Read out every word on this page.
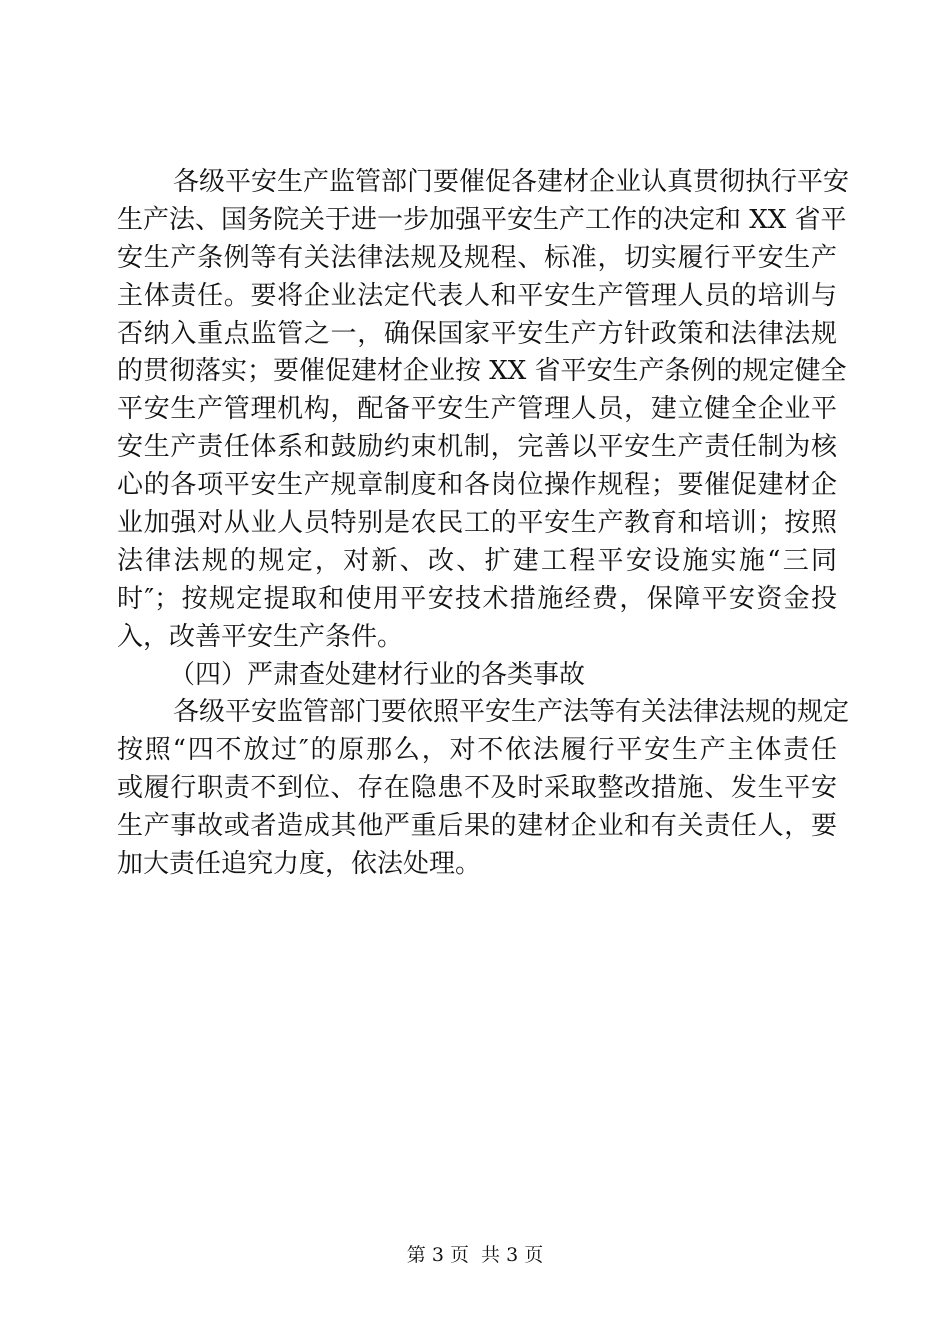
各级平安生产监管部门要催促各建材企业认真贯彻执行平安
生产法、国务院关于进一步加强平安生产工作的决定和 XX 省平
安生产条例等有关法律法规及规程、标准，切实履行平安生产
主体责任。要将企业法定代表人和平安生产管理人员的培训与
否纳入重点监管之一，确保国家平安生产方针政策和法律法规
的贯彻落实；要催促建材企业按 XX 省平安生产条例的规定健全
平安生产管理机构，配备平安生产管理人员，建立健全企业平
安生产责任体系和鼓励约束机制，完善以平安生产责任制为核
心的各项平安生产规章制度和各岗位操作规程；要催促建材企
业加强对从业人员特别是农民工的平安生产教育和培训；按照
法律法规的规定，对新、改、扩建工程平安设施实施“三同
时″；按规定提取和使用平安技术措施经费，保障平安资金投
入，改善平安生产条件。
（四）严肃查处建材行业的各类事故
各级平安监管部门要依照平安生产法等有关法律法规的规定
按照“四不放过″的原那么，对不依法履行平安生产主体责任
或履行职责不到位、存在隐患不及时采取整改措施、发生平安
生产事故或者造成其他严重后果的建材企业和有关责任人，要
加大责任追究力度，依法处理。
第 3 页  共 3 页
